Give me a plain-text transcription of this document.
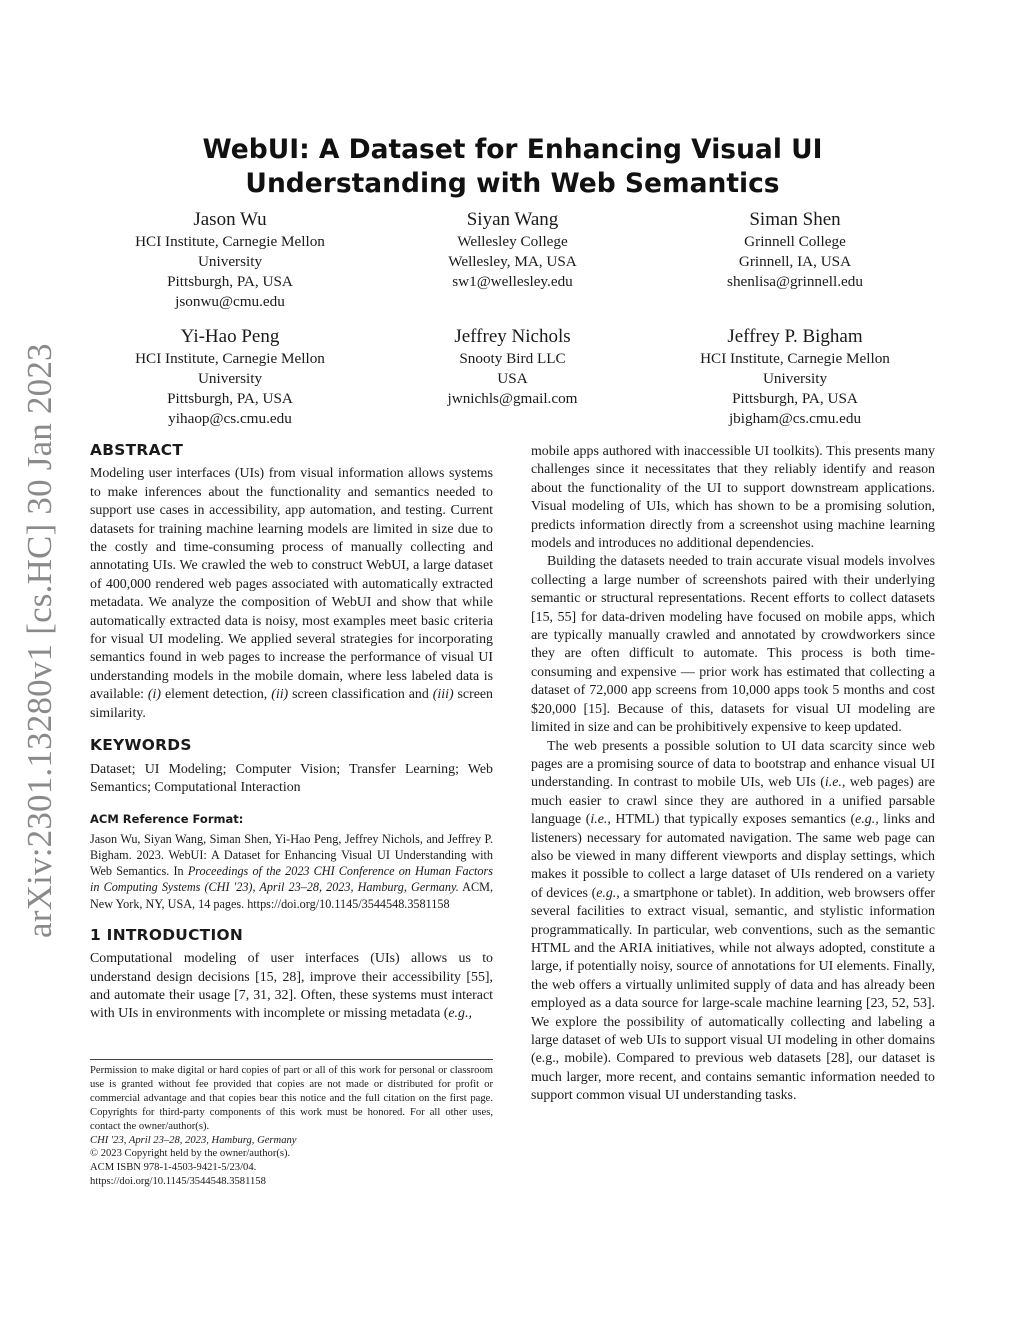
arXiv:2301.13280v1 [cs.HC] 30 Jan 2023
WebUI: A Dataset for Enhancing Visual UI Understanding with Web Semantics
Jason Wu
HCI Institute, Carnegie Mellon
University
Pittsburgh, PA, USA
jsonwu@cmu.edu
Siyan Wang
Wellesley College
Wellesley, MA, USA
sw1@wellesley.edu
Siman Shen
Grinnell College
Grinnell, IA, USA
shenlisa@grinnell.edu
Yi-Hao Peng
HCI Institute, Carnegie Mellon
University
Pittsburgh, PA, USA
yihaop@cs.cmu.edu
Jeffrey Nichols
Snooty Bird LLC
USA
jwnichls@gmail.com
Jeffrey P. Bigham
HCI Institute, Carnegie Mellon
University
Pittsburgh, PA, USA
jbigham@cs.cmu.edu
ABSTRACT

Modeling user interfaces (UIs) from visual information allows systems to make inferences about the functionality and semantics needed to support use cases in accessibility, app automation, and testing. Current datasets for training machine learning models are limited in size due to the costly and time-consuming process of manually collecting and annotating UIs. We crawled the web to construct WebUI, a large dataset of 400,000 rendered web pages associated with automatically extracted metadata. We analyze the composition of WebUI and show that while automatically extracted data is noisy, most examples meet basic criteria for visual UI modeling. We applied several strategies for incorporating semantics found in web pages to increase the performance of visual UI understanding models in the mobile domain, where less labeled data is available: (i) element detection, (ii) screen classification and (iii) screen similarity.

KEYWORDS

Dataset; UI Modeling; Computer Vision; Transfer Learning; Web Semantics; Computational Interaction

ACM Reference Format:

Jason Wu, Siyan Wang, Siman Shen, Yi-Hao Peng, Jeffrey Nichols, and Jeffrey P. Bigham. 2023. WebUI: A Dataset for Enhancing Visual UI Understanding with Web Semantics. In Proceedings of the 2023 CHI Conference on Human Factors in Computing Systems (CHI '23), April 23–28, 2023, Hamburg, Germany. ACM, New York, NY, USA, 14 pages. https://doi.org/10.1145/3544548.3581158

1 INTRODUCTION

Computational modeling of user interfaces (UIs) allows us to understand design decisions [15, 28], improve their accessibility [55], and automate their usage [7, 31, 32]. Often, these systems must interact with UIs in environments with incomplete or missing metadata (e.g.,

Permission to make digital or hard copies of part or all of this work for personal or classroom use is granted without fee provided that copies are not made or distributed for profit or commercial advantage and that copies bear this notice and the full citation on the first page. Copyrights for third-party components of this work must be honored. For all other uses, contact the owner/author(s).

CHI '23, April 23–28, 2023, Hamburg, Germany

© 2023 Copyright held by the owner/author(s).

ACM ISBN 978-1-4503-9421-5/23/04.

https://doi.org/10.1145/3544548.3581158

mobile apps authored with inaccessible UI toolkits). This presents many challenges since it necessitates that they reliably identify and reason about the functionality of the UI to support downstream applications. Visual modeling of UIs, which has shown to be a promising solution, predicts information directly from a screenshot using machine learning models and introduces no additional dependencies.

Building the datasets needed to train accurate visual models involves collecting a large number of screenshots paired with their underlying semantic or structural representations. Recent efforts to collect datasets [15, 55] for data-driven modeling have focused on mobile apps, which are typically manually crawled and annotated by crowdworkers since they are often difficult to automate. This process is both time-consuming and expensive — prior work has estimated that collecting a dataset of 72,000 app screens from 10,000 apps took 5 months and cost $20,000 [15]. Because of this, datasets for visual UI modeling are limited in size and can be prohibitively expensive to keep updated.

The web presents a possible solution to UI data scarcity since web pages are a promising source of data to bootstrap and enhance visual UI understanding. In contrast to mobile UIs, web UIs (i.e., web pages) are much easier to crawl since they are authored in a unified parsable language (i.e., HTML) that typically exposes semantics (e.g., links and listeners) necessary for automated navigation. The same web page can also be viewed in many different viewports and display settings, which makes it possible to collect a large dataset of UIs rendered on a variety of devices (e.g., a smartphone or tablet). In addition, web browsers offer several facilities to extract visual, semantic, and stylistic information programmatically. In particular, web conventions, such as the semantic HTML and the ARIA initiatives, while not always adopted, constitute a large, if potentially noisy, source of annotations for UI elements. Finally, the web offers a virtually unlimited supply of data and has already been employed as a data source for large-scale machine learning [23, 52, 53]. We explore the possibility of automatically collecting and labeling a large dataset of web UIs to support visual UI modeling in other domains (e.g., mobile). Compared to previous web datasets [28], our dataset is much larger, more recent, and contains semantic information needed to support common visual UI understanding tasks.
